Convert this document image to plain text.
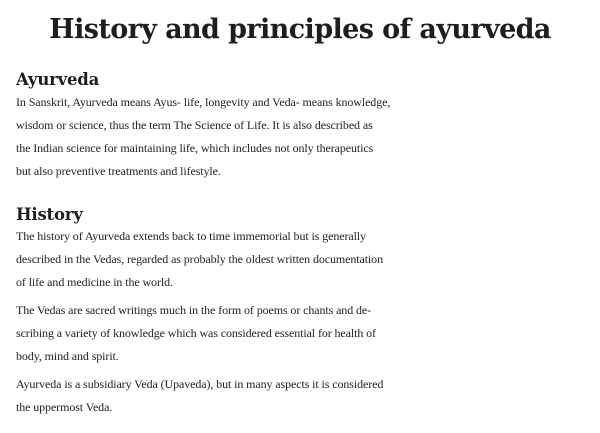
History and principles of ayurveda
Ayurveda

In Sanskrit, Ayurveda means Ayus- life, longevity and Veda- means knowledge,
wisdom or science, thus the term The Science of Life. It is also described as
the Indian science for maintaining life, which includes not only therapeutics
but also preventive treatments and lifestyle.

History

The history of Ayurveda extends back to time immemorial but is generally
described in the Vedas, regarded as probably the oldest written documentation
of life and medicine in the world.

The Vedas are sacred writings much in the form of poems or chants and de-
scribing a variety of knowledge which was considered essential for health of
body, mind and spirit.

Ayurveda is a subsidiary Veda (Upaveda), but in many aspects it is considered
the uppermost Veda.
